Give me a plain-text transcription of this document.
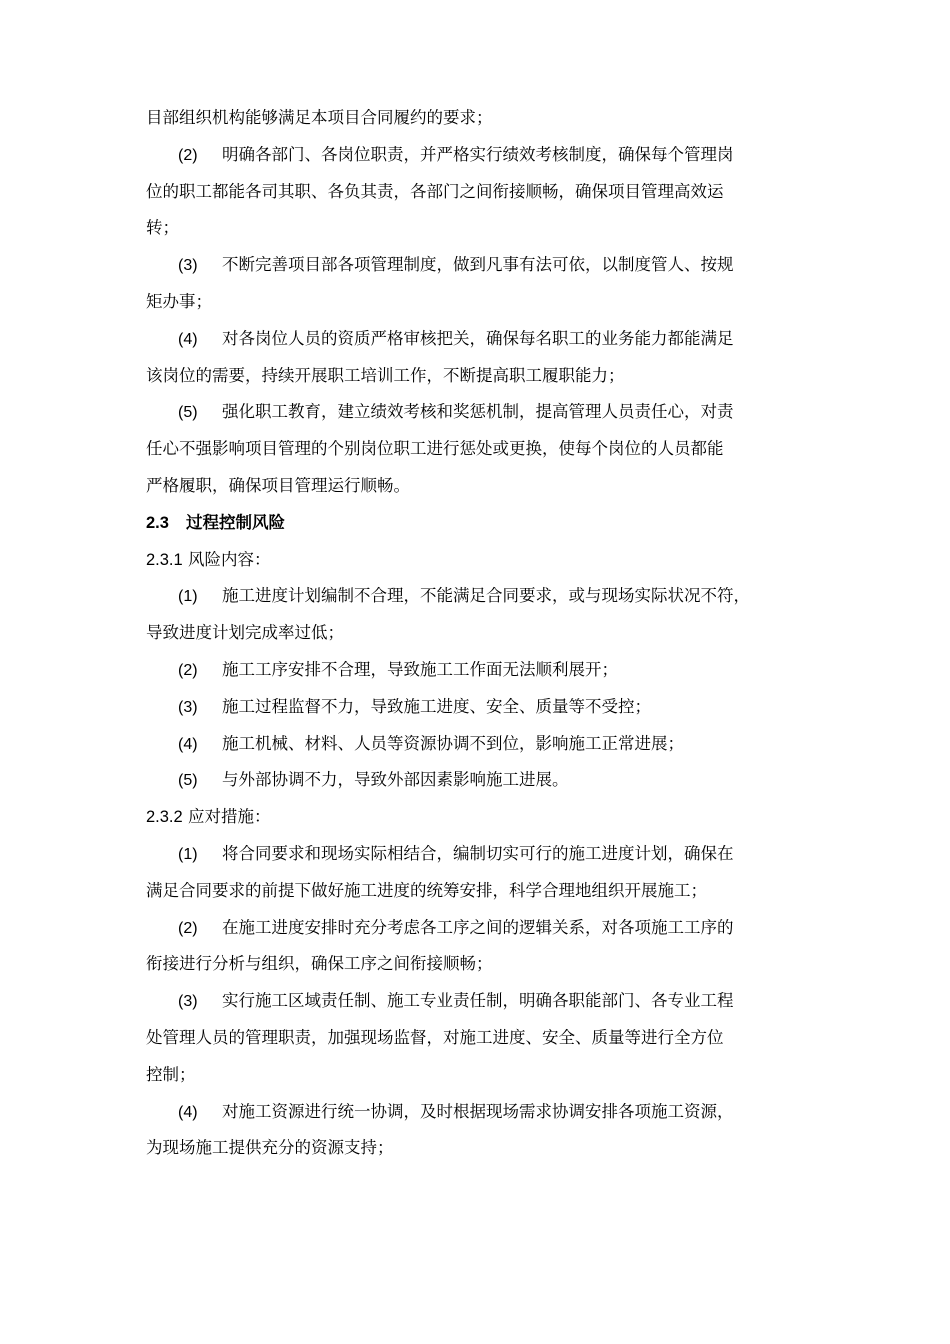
目部组织机构能够满足本项目合同履约的要求；
(2) 明确各部门、各岗位职责，并严格实行绩效考核制度，确保每个管理岗
位的职工都能各司其职、各负其责，各部门之间衔接顺畅，确保项目管理高效运
转；
(3) 不断完善项目部各项管理制度，做到凡事有法可依，以制度管人、按规
矩办事；
(4) 对各岗位人员的资质严格审核把关，确保每名职工的业务能力都能满足
该岗位的需要，持续开展职工培训工作，不断提高职工履职能力；
(5) 强化职工教育，建立绩效考核和奖惩机制，提高管理人员责任心，对责
任心不强影响项目管理的个别岗位职工进行惩处或更换，使每个岗位的人员都能
严格履职，确保项目管理运行顺畅。
2.3 过程控制风险
2.3.1 风险内容：
(1) 施工进度计划编制不合理，不能满足合同要求，或与现场实际状况不符，
导致进度计划完成率过低；
(2) 施工工序安排不合理，导致施工工作面无法顺利展开；
(3) 施工过程监督不力，导致施工进度、安全、质量等不受控；
(4) 施工机械、材料、人员等资源协调不到位，影响施工正常进展；
(5) 与外部协调不力，导致外部因素影响施工进展。
2.3.2 应对措施：
(1) 将合同要求和现场实际相结合，编制切实可行的施工进度计划，确保在
满足合同要求的前提下做好施工进度的统筹安排，科学合理地组织开展施工；
(2) 在施工进度安排时充分考虑各工序之间的逻辑关系，对各项施工工序的
衔接进行分析与组织，确保工序之间衔接顺畅；
(3) 实行施工区域责任制、施工专业责任制，明确各职能部门、各专业工程
处管理人员的管理职责，加强现场监督，对施工进度、安全、质量等进行全方位
控制；
(4) 对施工资源进行统一协调，及时根据现场需求协调安排各项施工资源，
为现场施工提供充分的资源支持；
